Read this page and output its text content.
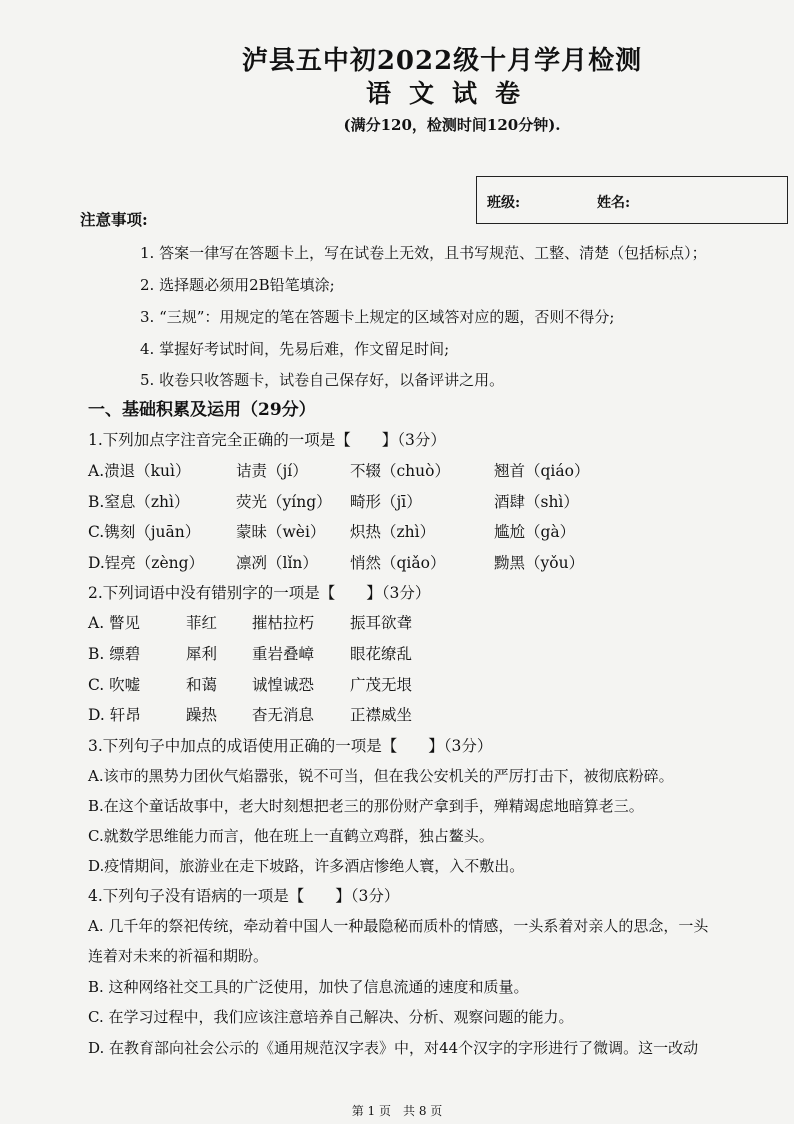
泸县五中初2022级十月学月检测
语文试卷
(满分120，检测时间120分钟).
班级:	姓名:
注意事项:
1. 答案一律写在答题卡上，写在试卷上无效，且书写规范、工整、清楚（包括标点）；
2. 选择题必须用2B铅笔填涂;
3. “三规”：用规定的笔在答题卡上规定的区域答对应的题，否则不得分;
4. 掌握好考试时间，先易后难，作文留足时间;
5. 收卷只收答题卡，试卷自己保存好，以备评讲之用。
一、基础积累及运用（29分）
1.下列加点字注音完全正确的一项是【　　】（3分）
A.溃退（kuì）	诘责（jí）	不辍（chuò）	翘首（qiáo）
B.窒息（zhì）	荧光（yíng） 畸形（jī）	酒肆（shì）
C.镌刻（juān） 蒙昧（wèi） 炽热（zhì）	尴尬（gà）
D.锃亮（zèng） 凛冽（lǐn） 悄然（qiǎo）	黝黑（yǒu）
2.下列词语中没有错别字的一项是【　　】（3分）
A. 瞥见	菲红 摧枯拉朽 振耳欲聋
B. 缥碧	犀利 重岩叠嶂 眼花缭乱
C. 吹嘘	和蔼 诚惶诚恐 广茂无垠
D. 轩昂	躁热 杳无消息 正襟威坐
3.下列句子中加点的成语使用正确的一项是【　　】（3分）
A.该市的黑势力团伙气焰嚣张，锐不可当，但在我公安机关的严厉打击下，被彻底粉碎。
B.在这个童话故事中，老大时刻想把老三的那份财产拿到手，殚精竭虑地暗算老三。
C.就数学思维能力而言，他在班上一直鹤立鸡群，独占鳌头。
D.疫情期间，旅游业在走下坡路，许多酒店惨绝人寰，入不敷出。
4.下列句子没有语病的一项是【　　】（3分）
A. 几千年的祭祀传统，牵动着中国人一种最隐秘而质朴的情感，一头系着对亲人的思念，一头
连着对未来的祈福和期盼。
B. 这种网络社交工具的广泛使用，加快了信息流通的速度和质量。
C. 在学习过程中，我们应该注意培养自己解决、分析、观察问题的能力。
D. 在教育部向社会公示的《通用规范汉字表》中，对44个汉字的字形进行了微调。这一改动
第 1 页　共 8 页
